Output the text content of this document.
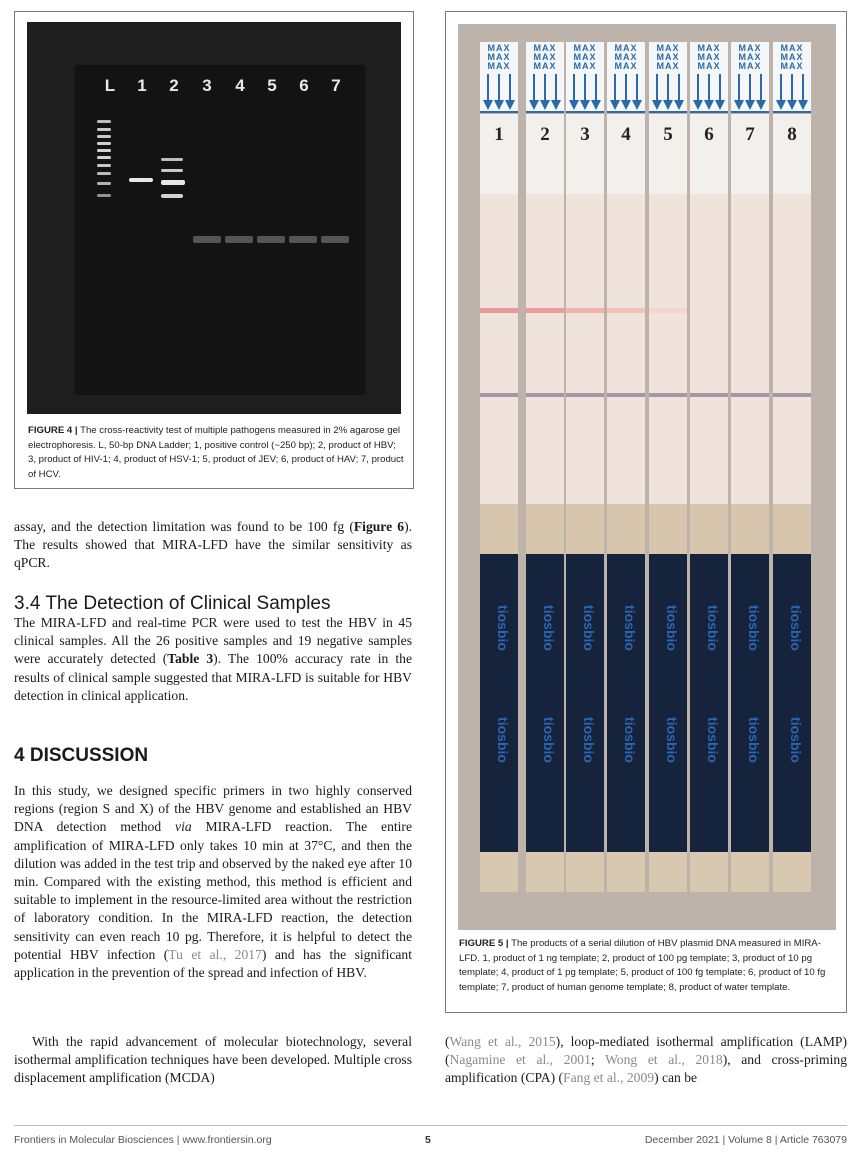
L	1	2	3	4	5	6	7
FIGURE 4 | The cross-reactivity test of multiple pathogens measured in 2% agarose gel electrophoresis. L, 50-bp DNA Ladder; 1, positive control (~250 bp); 2, product of HBV; 3, product of HIV-1; 4, product of HSV-1; 5, product of JEV; 6, product of HAV; 7, product of HCV.
MAX
MAX
MAX
1
tiosbio
tiosbio
MAX
MAX
MAX
2
tiosbio
tiosbio
MAX
MAX
MAX
3
tiosbio
tiosbio
MAX
MAX
MAX
4
tiosbio
tiosbio
MAX
MAX
MAX
5
tiosbio
tiosbio
MAX
MAX
MAX
6
tiosbio
tiosbio
MAX
MAX
MAX
7
tiosbio
tiosbio
MAX
MAX
MAX
8
tiosbio
tiosbio
FIGURE 5 | The products of a serial dilution of HBV plasmid DNA measured in MIRA-LFD. 1, product of 1 ng template; 2, product of 100 pg template; 3, product of 10 pg template; 4, product of 1 pg template; 5, product of 100 fg template; 6, product of 10 fg template; 7, product of human genome template; 8, product of water template.
assay, and the detection limitation was found to be 100 fg (Figure 6). The results showed that MIRA-LFD have the similar sensitivity as qPCR.
3.4 The Detection of Clinical Samples
The MIRA-LFD and real-time PCR were used to test the HBV in 45 clinical samples. All the 26 positive samples and 19 negative samples were accurately detected (Table 3). The 100% accuracy rate in the results of clinical sample suggested that MIRA-LFD is suitable for HBV detection in clinical application.
4 DISCUSSION
In this study, we designed specific primers in two highly conserved regions (region S and X) of the HBV genome and established an HBV DNA detection method via MIRA-LFD reaction. The entire amplification of MIRA-LFD only takes 10 min at 37°C, and then the dilution was added in the test trip and observed by the naked eye after 10 min. Compared with the existing method, this method is efficient and suitable to implement in the resource-limited area without the restriction of laboratory condition. In the MIRA-LFD reaction, the detection sensitivity can even reach 10 pg. Therefore, it is helpful to detect the potential HBV infection (Tu et al., 2017) and has the significant application in the prevention of the spread and infection of HBV.
With the rapid advancement of molecular biotechnology, several isothermal amplification techniques have been developed. Multiple cross displacement amplification (MCDA)
(Wang et al., 2015), loop-mediated isothermal amplification (LAMP) (Nagamine et al., 2001; Wong et al., 2018), and cross-priming amplification (CPA) (Fang et al., 2009) can be
Frontiers in Molecular Biosciences | www.frontiersin.org	5	December 2021 | Volume 8 | Article 763079
